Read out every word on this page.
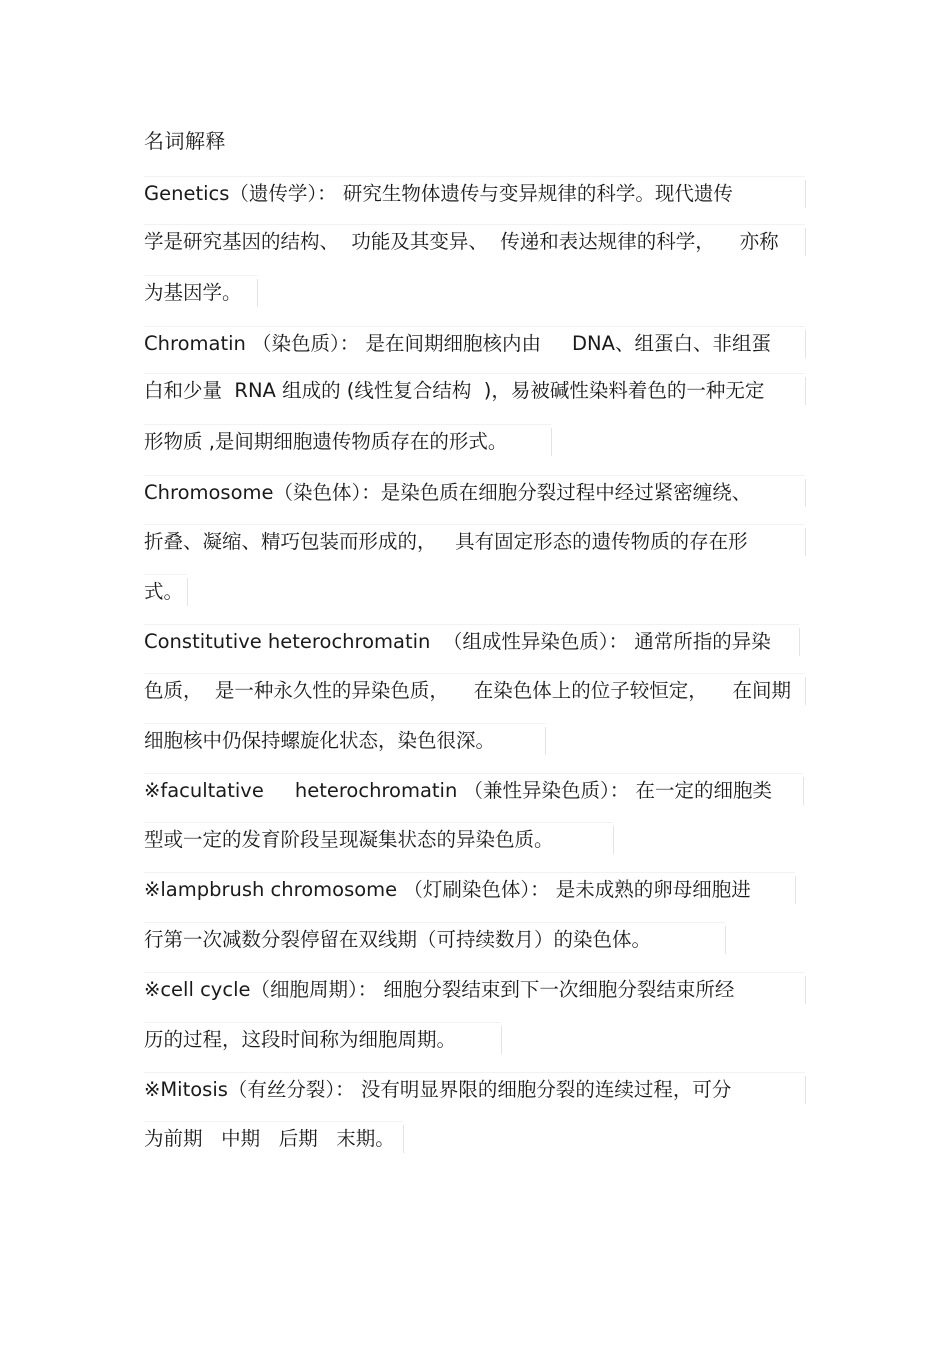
名词解释
Genetics（遗传学）： 研究生物体遗传与变异规律的科学。现代遗传
学是研究基因的结构、  功能及其变异、  传递和表达规律的科学，    亦称
为基因学。
Chromatin （染色质）： 是在间期细胞核内由     DNA、组蛋白、非组蛋
白和少量  RNA 组成的 (线性复合结构  )，易被碱性染料着色的一种无定
形物质 ,是间期细胞遗传物质存在的形式。
Chromosome（染色体）：是染色质在细胞分裂过程中经过紧密缠绕、
折叠、凝缩、精巧包装而形成的，   具有固定形态的遗传物质的存在形
式。
Constitutive heterochromatin  （组成性异染色质）： 通常所指的异染
色质，  是一种永久性的异染色质，    在染色体上的位子较恒定，    在间期
细胞核中仍保持螺旋化状态，染色很深。
※facultative     heterochromatin （兼性异染色质）： 在一定的细胞类
型或一定的发育阶段呈现凝集状态的异染色质。
※lampbrush chromosome （灯刷染色体）： 是未成熟的卵母细胞进
行第一次减数分裂停留在双线期（可持续数月）的染色体。
※cell cycle（细胞周期）： 细胞分裂结束到下一次细胞分裂结束所经
历的过程，这段时间称为细胞周期。
※Mitosis（有丝分裂）： 没有明显界限的细胞分裂的连续过程，可分
为前期   中期   后期   末期。
